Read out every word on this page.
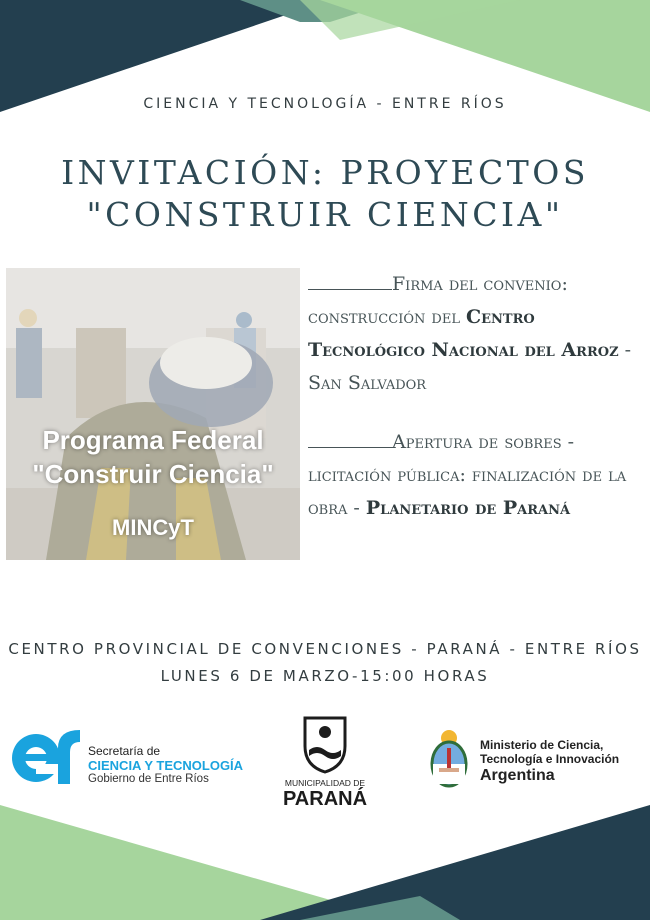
CIENCIA Y TECNOLOGÍA - ENTRE RÍOS
INVITACIÓN: PROYECTOS
"CONSTRUIR CIENCIA"
Programa Federal
"Construir Ciencia"
MINCyT
Firma del convenio: construcción del Centro Tecnológico Nacional del Arroz - San Salvador
Apertura de sobres - licitación pública: finalización de la obra - Planetario de Paraná
CENTRO PROVINCIAL DE CONVENCIONES - PARANÁ - ENTRE RÍOS
LUNES 6 DE MARZO-15:00 HORAS
Secretaría de
CIENCIA Y TECNOLOGÍA
Gobierno de Entre Ríos	MUNICIPALIDAD DE
PARANÁ
Ministerio de Ciencia,
Tecnología e Innovación
Argentina
